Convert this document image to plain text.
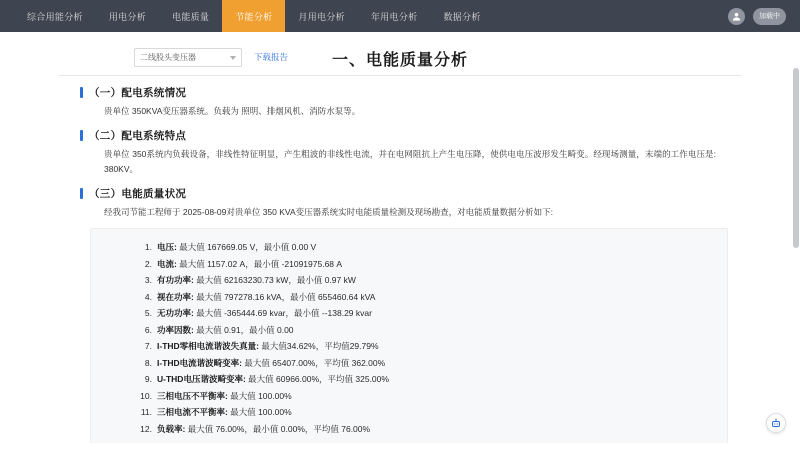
综合用能分析	用电分析	电能质量	节能分析	月用电分析	年用电分析	数据分析	加载中
二线股头变压器	下载报告	一、电能质量分析
（一）配电系统情况
贵单位 350KVA变压器系统。负载为 照明、排烟风机、消防水泵等。
（二）配电系统特点
贵单位 350系统内负载设备，非线性特征明显，产生粗波的非线性电流，并在电网阻抗上产生电压降，使供电电压波形发生畸变。经现场测量，末端的工作电压是: 380KV。
（三）电能质量状况
经我司节能工程师于 2025-08-09对贵单位 350 KVA变压器系统实时电能质量检测及现场勘查，对电能质量数据分析如下:
1. 电压: 最大值 167669.05 V，最小值 0.00 V
2. 电流: 最大值 1157.02 A，最小值 -21091975.68 A
3. 有功功率: 最大值 62163230.73 kW，最小值 0.97 kW
4. 视在功率: 最大值 797278.16 kVA，最小值 655460.64 kVA
5. 无功功率: 最大值 -365444.69 kvar，最小值 --138.29 kvar
6. 功率因数: 最大值 0.91，最小值 0.00
7. I-THD零相电流谐波失真量: 最大值34.62%，平均值29.79%
8. I-THD电流谐波畸变率: 最大值 65407.00%，平均值 362.00%
9. U-THD电压谐波畸变率: 最大值 60966.00%，平均值 325.00%
10. 三相电压不平衡率: 最大值 100.00%
11. 三相电流不平衡率: 最大值 100.00%
12. 负载率: 最大值 76.00%，最小值 0.00%，平均值 76.00%
